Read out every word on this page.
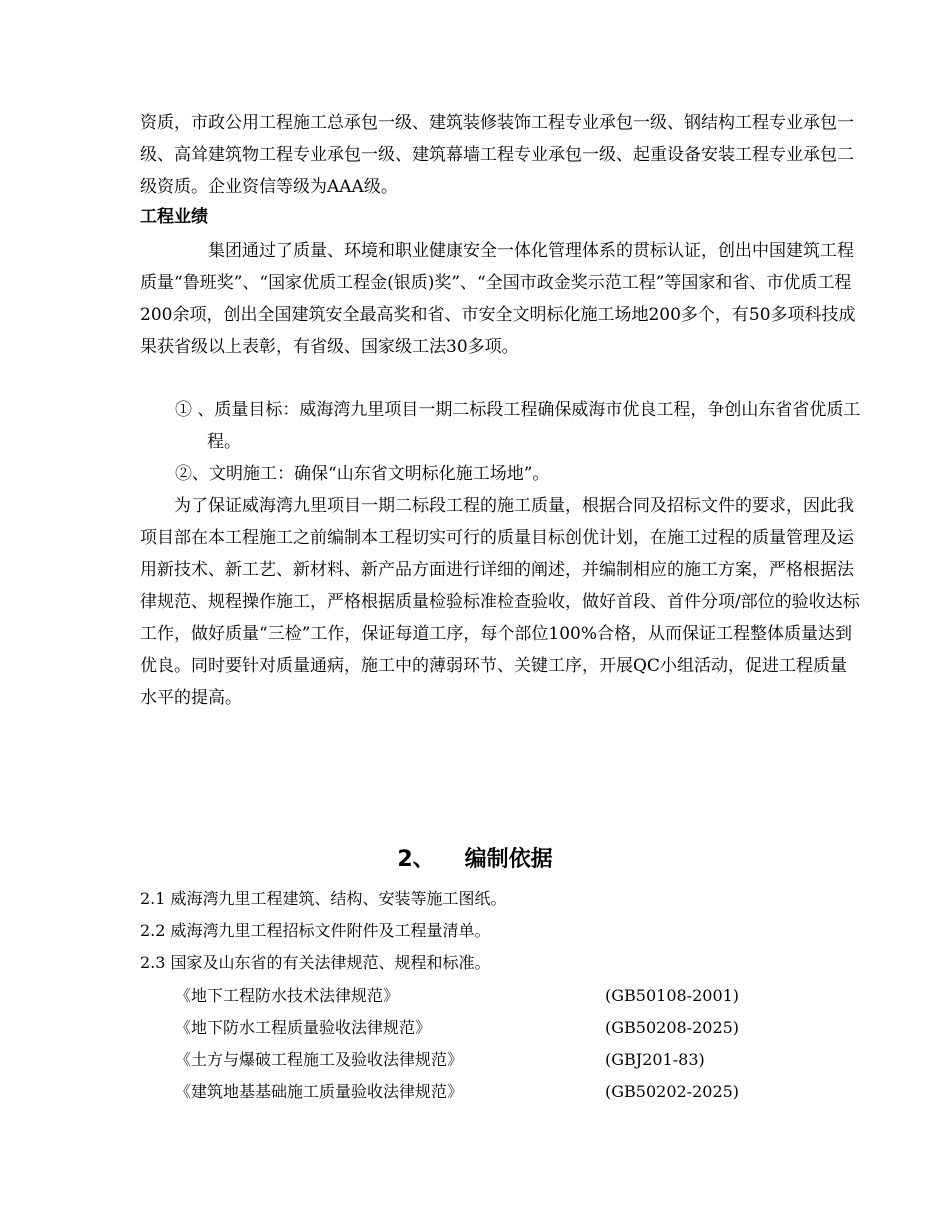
资质，市政公用工程施工总承包一级、建筑装修装饰工程专业承包一级、钢结构工程专业承包一级、高耸建筑物工程专业承包一级、建筑幕墙工程专业承包一级、起重设备安装工程专业承包二级资质。企业资信等级为AAA级。

工程业绩

集团通过了质量、环境和职业健康安全一体化管理体系的贯标认证，创出中国建筑工程质量“鲁班奖”、“国家优质工程金(银质)奖”、“全国市政金奖示范工程”等国家和省、市优质工程200余项，创出全国建筑安全最高奖和省、市安全文明标化施工场地200多个，有50多项科技成果获省级以上表彰，有省级、国家级工法30多项。

① 、质量目标：威海湾九里项目一期二标段工程确保威海市优良工程，争创山东省省优质工程。

②、文明施工：确保“山东省文明标化施工场地”。

为了保证威海湾九里项目一期二标段工程的施工质量，根据合同及招标文件的要求，因此我项目部在本工程施工之前编制本工程切实可行的质量目标创优计划，在施工过程的质量管理及运用新技术、新工艺、新材料、新产品方面进行详细的阐述，并编制相应的施工方案，严格根据法律规范、规程操作施工，严格根据质量检验标准检查验收，做好首段、首件分项/部位的验收达标工作，做好质量“三检”工作，保证每道工序，每个部位100%合格，从而保证工程整体质量达到优良。同时要针对质量通病，施工中的薄弱环节、关键工序，开展QC小组活动，促进工程质量水平的提高。

2、 编制依据

2.1 威海湾九里工程建筑、结构、安装等施工图纸。

2.2 威海湾九里工程招标文件附件及工程量清单。

2.3 国家及山东省的有关法律规范、规程和标准。

《地下工程防水技术法律规范》	(GB50108-2001)
《地下防水工程质量验收法律规范》	(GB50208-2025)
《土方与爆破工程施工及验收法律规范》	(GBJ201-83)
《建筑地基基础施工质量验收法律规范》	(GB50202-2025)
